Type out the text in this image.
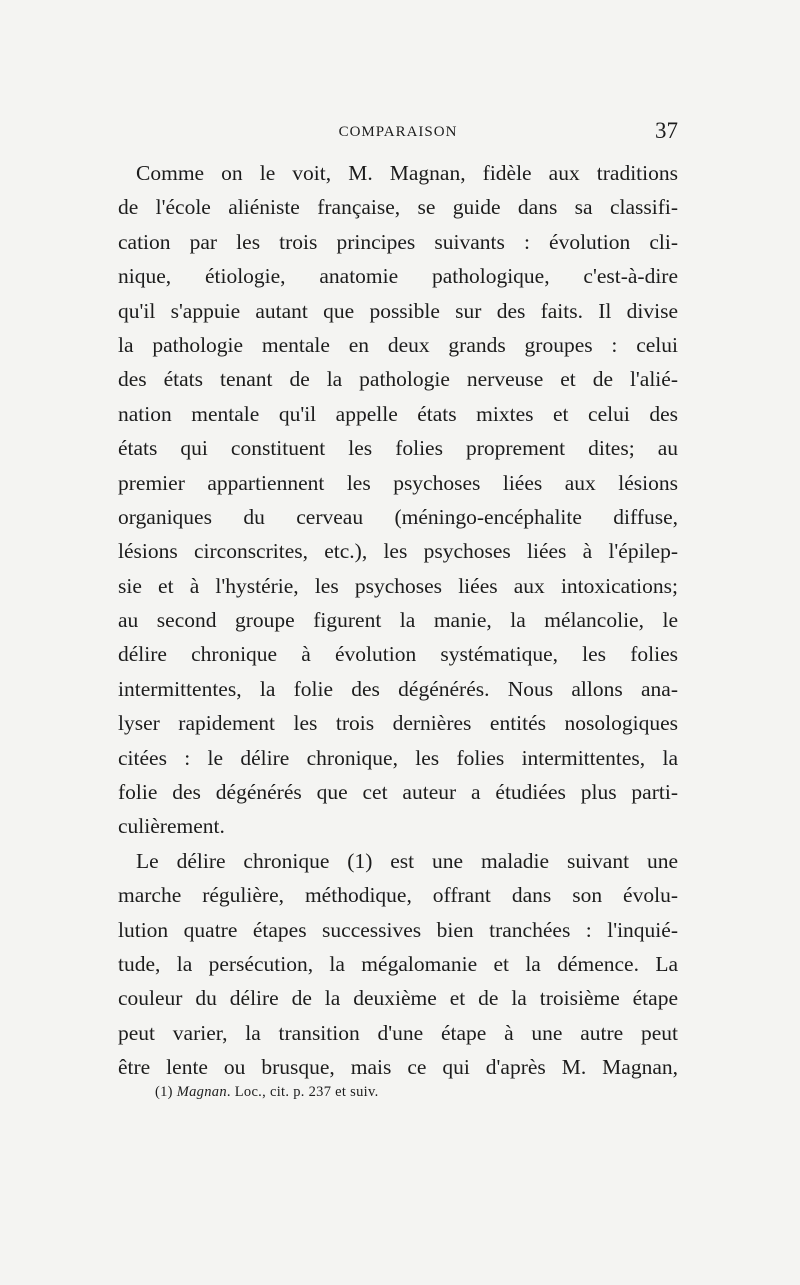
COMPARAISON	37
Comme on le voit, M. Magnan, fidèle aux traditions
de l'école aliéniste française, se guide dans sa classifi-
cation par les trois principes suivants : évolution cli-
nique, étiologie, anatomie pathologique, c'est-à-dire
qu'il s'appuie autant que possible sur des faits. Il divise
la pathologie mentale en deux grands groupes : celui
des états tenant de la pathologie nerveuse et de l'alié-
nation mentale qu'il appelle états mixtes et celui des
états qui constituent les folies proprement dites; au
premier appartiennent les psychoses liées aux lésions
organiques du cerveau (méningo-encéphalite diffuse,
lésions circonscrites, etc.), les psychoses liées à l'épilep-
sie et à l'hystérie, les psychoses liées aux intoxications;
au second groupe figurent la manie, la mélancolie, le
délire chronique à évolution systématique, les folies
intermittentes, la folie des dégénérés. Nous allons ana-
lyser rapidement les trois dernières entités nosologiques
citées : le délire chronique, les folies intermittentes, la
folie des dégénérés que cet auteur a étudiées plus parti-
culièrement.
Le délire chronique (1) est une maladie suivant une
marche régulière, méthodique, offrant dans son évolu-
lution quatre étapes successives bien tranchées : l'inquié-
tude, la persécution, la mégalomanie et la démence. La
couleur du délire de la deuxième et de la troisième étape
peut varier, la transition d'une étape à une autre peut
être lente ou brusque, mais ce qui d'après M. Magnan,
(1) Magnan. Loc., cit. p. 237 et suiv.
